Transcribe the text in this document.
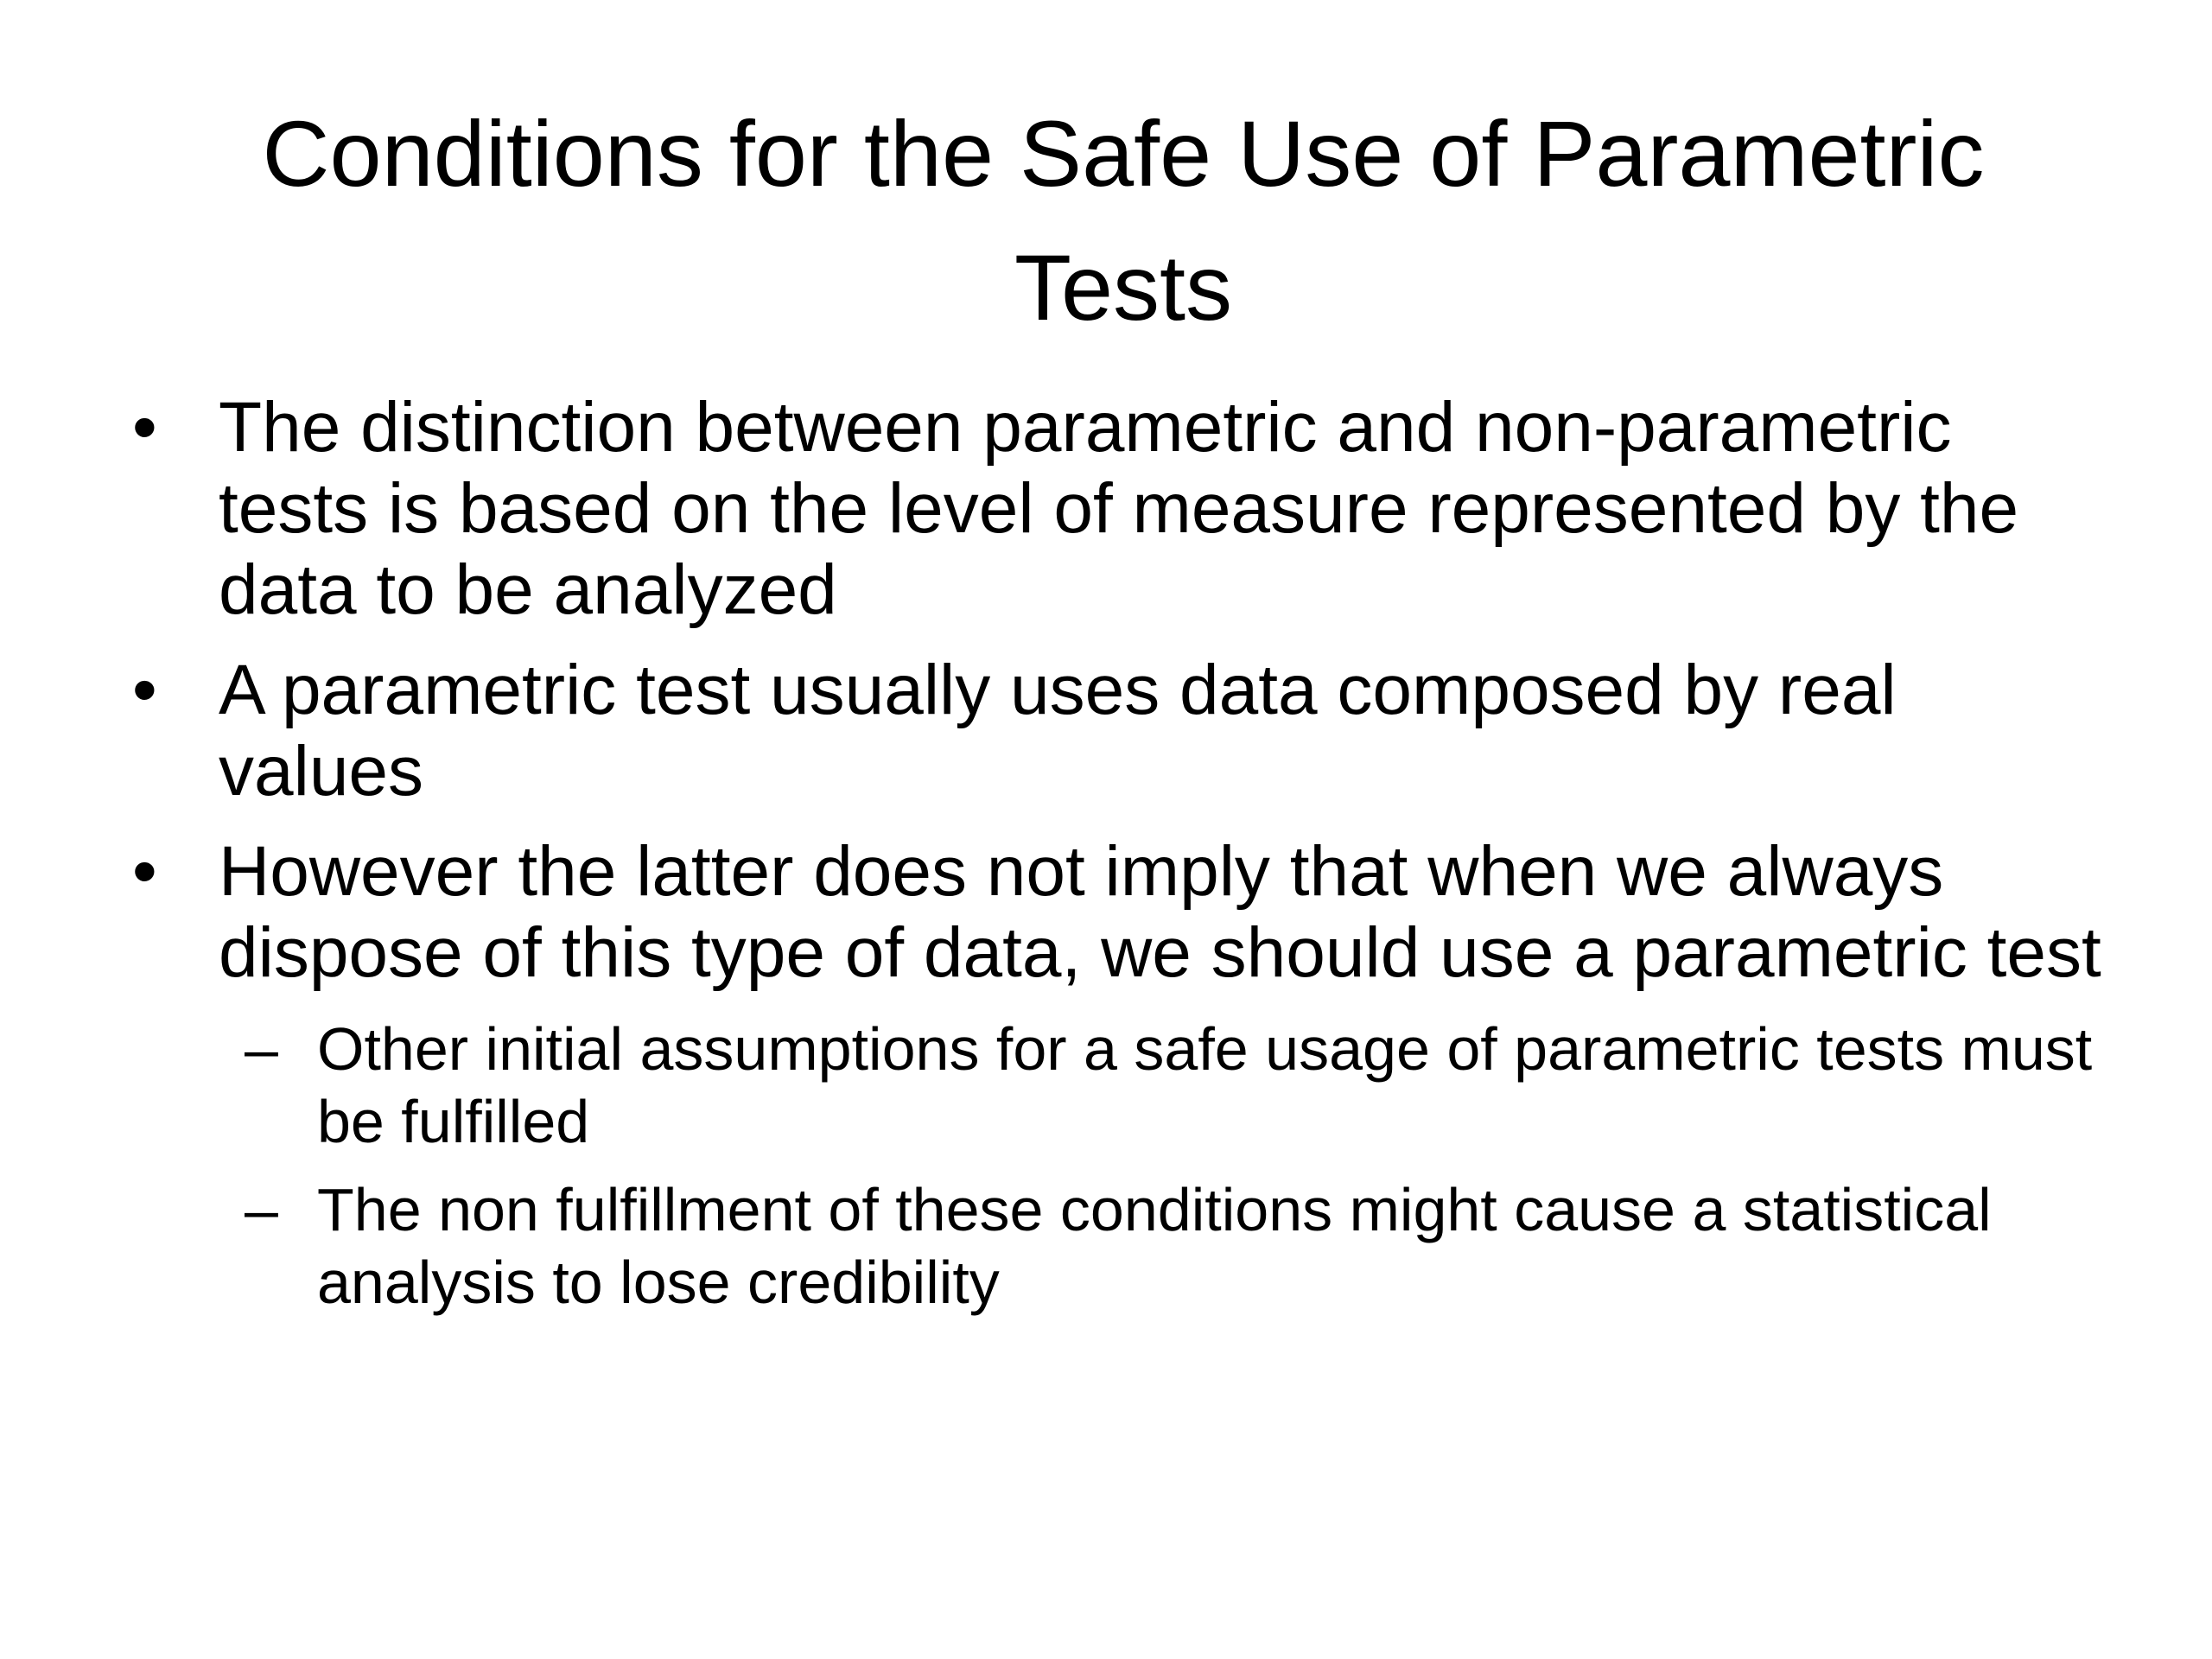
Conditions for the Safe Use of Parametric Tests
• The distinction between parametric and non-parametric tests is based on the level of measure represented by the data to be analyzed
• A parametric test usually uses data composed by real values
• However the latter does not imply that when we always dispose of this type of data, we should use a parametric test
– Other initial assumptions for a safe usage of parametric tests must be fulfilled
– The non fulfillment of these conditions might cause a statistical analysis to lose credibility
